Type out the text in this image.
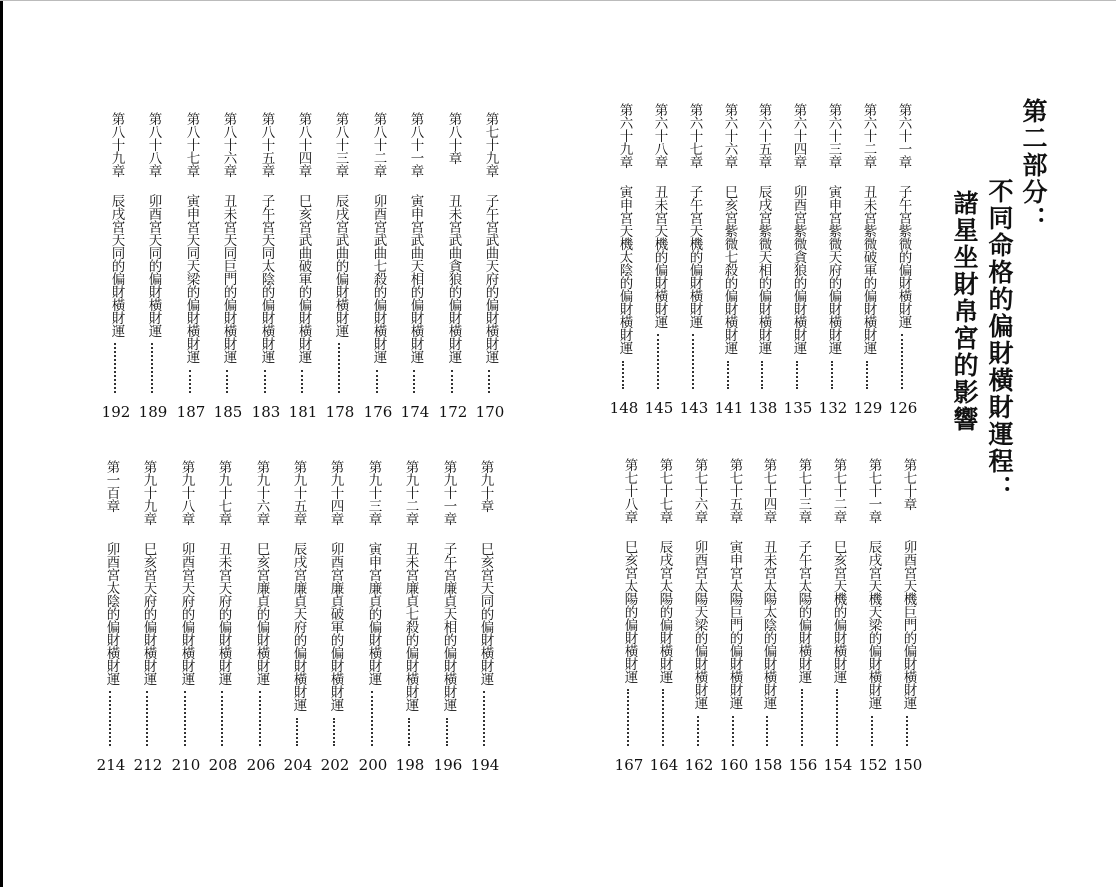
第二部分：
不同命格的偏財橫財運程：
諸星坐財帛宮的影響
第六十一章
子午宮紫微的偏財橫財運
126
第六十二章
丑未宮紫微破軍的偏財橫財運
129
第六十三章
寅申宮紫微天府的偏財橫財運
132
第六十四章
卯酉宮紫微貪狼的偏財橫財運
135
第六十五章
辰戌宮紫微天相的偏財橫財運
138
第六十六章
巳亥宮紫微七殺的偏財橫財運
141
第六十七章
子午宮天機的偏財橫財運
143
第六十八章
丑未宮天機的偏財橫財運
145
第六十九章
寅申宮天機太陰的偏財橫財運
148
第七十章
卯酉宮天機巨門的偏財橫財運
150
第七十一章
辰戌宮天機天梁的偏財橫財運
152
第七十二章
巳亥宮天機的偏財橫財運
154
第七十三章
子午宮太陽的偏財橫財運
156
第七十四章
丑未宮太陽太陰的偏財橫財運
158
第七十五章
寅申宮太陽巨門的偏財橫財運
160
第七十六章
卯酉宮太陽天梁的偏財橫財運
162
第七十七章
辰戌宮太陽的偏財橫財運
164
第七十八章
巳亥宮太陽的偏財橫財運
167
第七十九章
子午宮武曲天府的偏財橫財運
170
第八十章
丑未宮武曲貪狼的偏財橫財運
172
第八十一章
寅申宮武曲天相的偏財橫財運
174
第八十二章
卯酉宮武曲七殺的偏財橫財運
176
第八十三章
辰戌宮武曲的偏財橫財運
178
第八十四章
巳亥宮武曲破軍的偏財橫財運
181
第八十五章
子午宮天同太陰的偏財橫財運
183
第八十六章
丑未宮天同巨門的偏財橫財運
185
第八十七章
寅申宮天同天梁的偏財橫財運
187
第八十八章
卯酉宮天同的偏財橫財運
189
第八十九章
辰戌宮天同的偏財橫財運
192
第九十章
巳亥宮天同的偏財橫財運
194
第九十一章
子午宮廉貞天相的偏財橫財運
196
第九十二章
丑未宮廉貞七殺的偏財橫財運
198
第九十三章
寅申宮廉貞的偏財橫財運
200
第九十四章
卯酉宮廉貞破軍的偏財橫財運
202
第九十五章
辰戌宮廉貞天府的偏財橫財運
204
第九十六章
巳亥宮廉貞的偏財橫財運
206
第九十七章
丑未宮天府的偏財橫財運
208
第九十八章
卯酉宮天府的偏財橫財運
210
第九十九章
巳亥宮天府的偏財橫財運
212
第一百章
卯酉宮太陰的偏財橫財運
214
